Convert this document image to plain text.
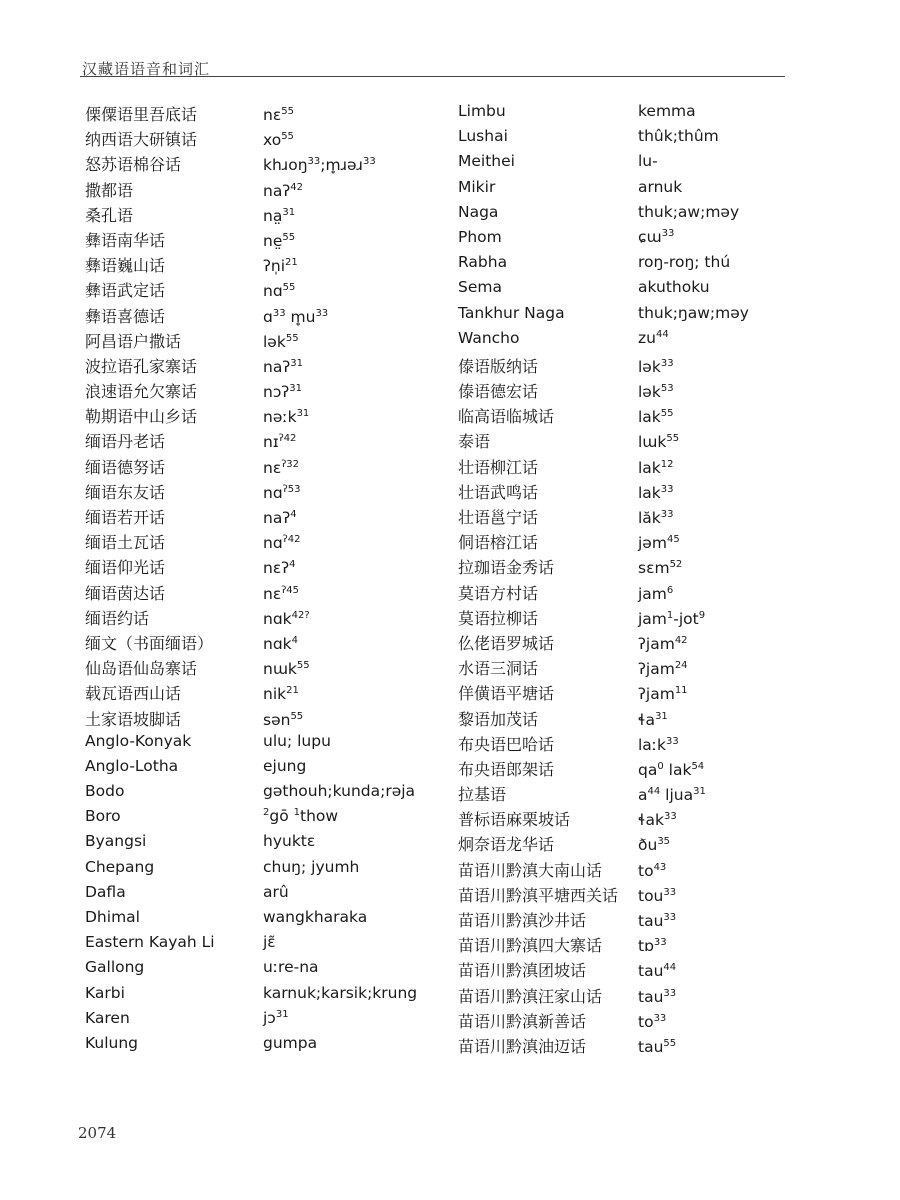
汉藏语语音和词汇
傈僳语里吾底话	nɛ$^{55}$
纳西语大研镇话	$xo^{55}$
怒苏语棉谷话	khɹoŋ$^{33}$;m̥ɹəɹ$^{33}$
撒都语	naʔ$^{42}$
桑孔语	na̤$^{31}$
彝语南华话	ne̤$^{55}$
彝语巍山话	$ʔn̩i^{21}$
彝语武定话	nɑ$^{55}$
彝语喜德话	ɑ$^{33}$ $m̥u^{33}$
阿昌语户撒话	lək$^{55}$
波拉语孔家寨话	naʔ$^{31}$
浪速语允欠寨话	nɔʔ$^{31}$
勒期语中山乡话	nəːk$^{31}$
缅语丹老话	nɪ$^{ʔ42}$
缅语德努话	nɛ$^{ʔ32}$
缅语东友话	nɑ$^{ʔ53}$
缅语若开话	naʔ$^4$
缅语土瓦话	nɑ$^{ʔ42}$
缅语仰光话	nɛʔ$^4$
缅语茵达话	nɛ$^{ʔ45}$
缅语约话	nɑk$^{42?}$
缅文（书面缅语）	nɑk$^4$
仙岛语仙岛寨话	nɯk$^{55}$
载瓦语西山话	nik$^{21}$
土家语坡脚话	sən$^{55}$
Anglo-Konyak	ulu; lupu
Anglo-Lotha	ejung
Bodo	gəthouh;kunda;rəja
Boro	$^2$gō $^1$thow
Byangsi	hyuktɛ
Chepang	chuŋ; jyumh
Dafla	arû
Dhimal	wangkharaka
Eastern Kayah Li	jɛ̃
Gallong	uːre-na
Karbi	karnuk;karsik;krung
Karen	jɔ$^{31}$
Kulung	gumpa
Limbu	kemma
Lushai	thûk;thûm
Meithei	lu-
Mikir	arnuk
Naga	thuk;aw;məy
Phom	ɕɯ$^{33}$
Rabha	roŋ-roŋ; thú
Sema	akuthoku
Tankhur Naga	thuk;ŋaw;məy
Wancho	$zu^{44}$
傣语版纳话	lək$^{33}$
傣语德宏话	lək$^{53}$
临高语临城话	lak$^{55}$
泰语	lɯk$^{55}$
壮语柳江话	lak$^{12}$
壮语武鸣话	lak$^{33}$
壮语邕宁话	lăk$^{33}$
侗语榕江话	jəm$^{45}$
拉珈语金秀话	sɛm$^{52}$
莫语方村话	jam$^6$
莫语拉柳话	jam$^1$-jot$^9$
仫佬语罗城话	ʔjam$^{42}$
水语三洞话	ʔjam$^{24}$
佯僙语平塘话	ʔjam$^{11}$
黎语加茂话	ɬa$^{31}$
布央语巴哈话	laːk$^{33}$
布央语郎架话	$qa^0$ lak$^{54}$
拉基语	$a^{44}$ ljua$^{31}$
普标语麻栗坡话	ɬak$^{33}$
炯奈语龙华话	$ðu^{35}$
苗语川黔滇大南山话	$to^{43}$
苗语川黔滇平塘西关话	tou$^{33}$
苗语川黔滇沙井话	tau$^{33}$
苗语川黔滇四大寨话	tɒ$^{33}$
苗语川黔滇团坡话	tau$^{44}$
苗语川黔滇汪家山话	tau$^{33}$
苗语川黔滇新善话	$to^{33}$
苗语川黔滇油迈话	tau$^{55}$
2074
